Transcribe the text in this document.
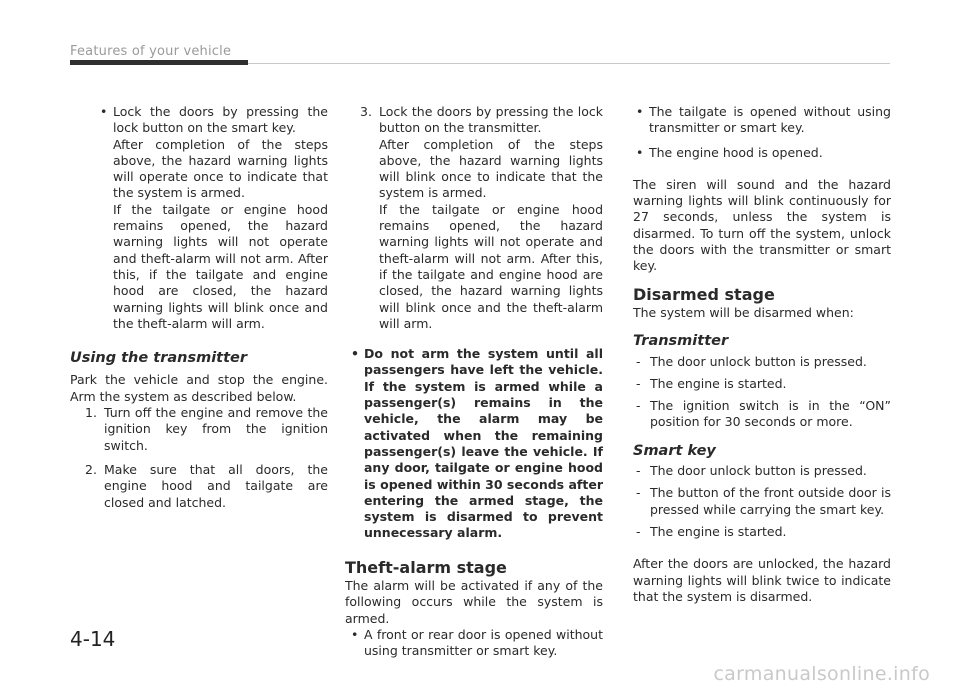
Features of your vehicle

• Lock the doors by pressing the lock button on the smart key.

After completion of the steps above, the hazard warning lights will operate once to indicate that the system is armed.

If the tailgate or engine hood remains opened, the hazard warning lights will not operate and theft-alarm will not arm. After this, if the tailgate and engine hood are closed, the hazard warning lights will blink once and the theft-alarm will arm.

Using the transmitter

Park the vehicle and stop the engine. Arm the system as described below.

1. Turn off the engine and remove the ignition key from the ignition switch.

2. Make sure that all doors, the engine hood and tailgate are closed and latched.

3. Lock the doors by pressing the lock button on the transmitter.

After completion of the steps above, the hazard warning lights will blink once to indicate that the system is armed.

If the tailgate or engine hood remains opened, the hazard warning lights will not operate and theft-alarm will not arm. After this, if the tailgate and engine hood are closed, the hazard warning lights will blink once and the theft-alarm will arm.

• Do not arm the system until all passengers have left the vehicle. If the system is armed while a passenger(s) remains in the vehicle, the alarm may be activated when the remaining passenger(s) leave the vehicle. If any door, tailgate or engine hood is opened within 30 seconds after entering the armed stage, the system is disarmed to prevent unnecessary alarm.

Theft-alarm stage

The alarm will be activated if any of the following occurs while the system is armed.

• A front or rear door is opened without using transmitter or smart key.

• The tailgate is opened without using transmitter or smart key.

• The engine hood is opened.

The siren will sound and the hazard warning lights will blink continuously for 27 seconds, unless the system is disarmed. To turn off the system, unlock the doors with the transmitter or smart key.

Disarmed stage

The system will be disarmed when:

Transmitter

- The door unlock button is pressed.

- The engine is started.

- The ignition switch is in the “ON” position for 30 seconds or more.

Smart key

- The door unlock button is pressed.

- The button of the front outside door is pressed while carrying the smart key.

- The engine is started.

After the doors are unlocked, the hazard warning lights will blink twice to indicate that the system is disarmed.

4-14
carmanualsonline.info
